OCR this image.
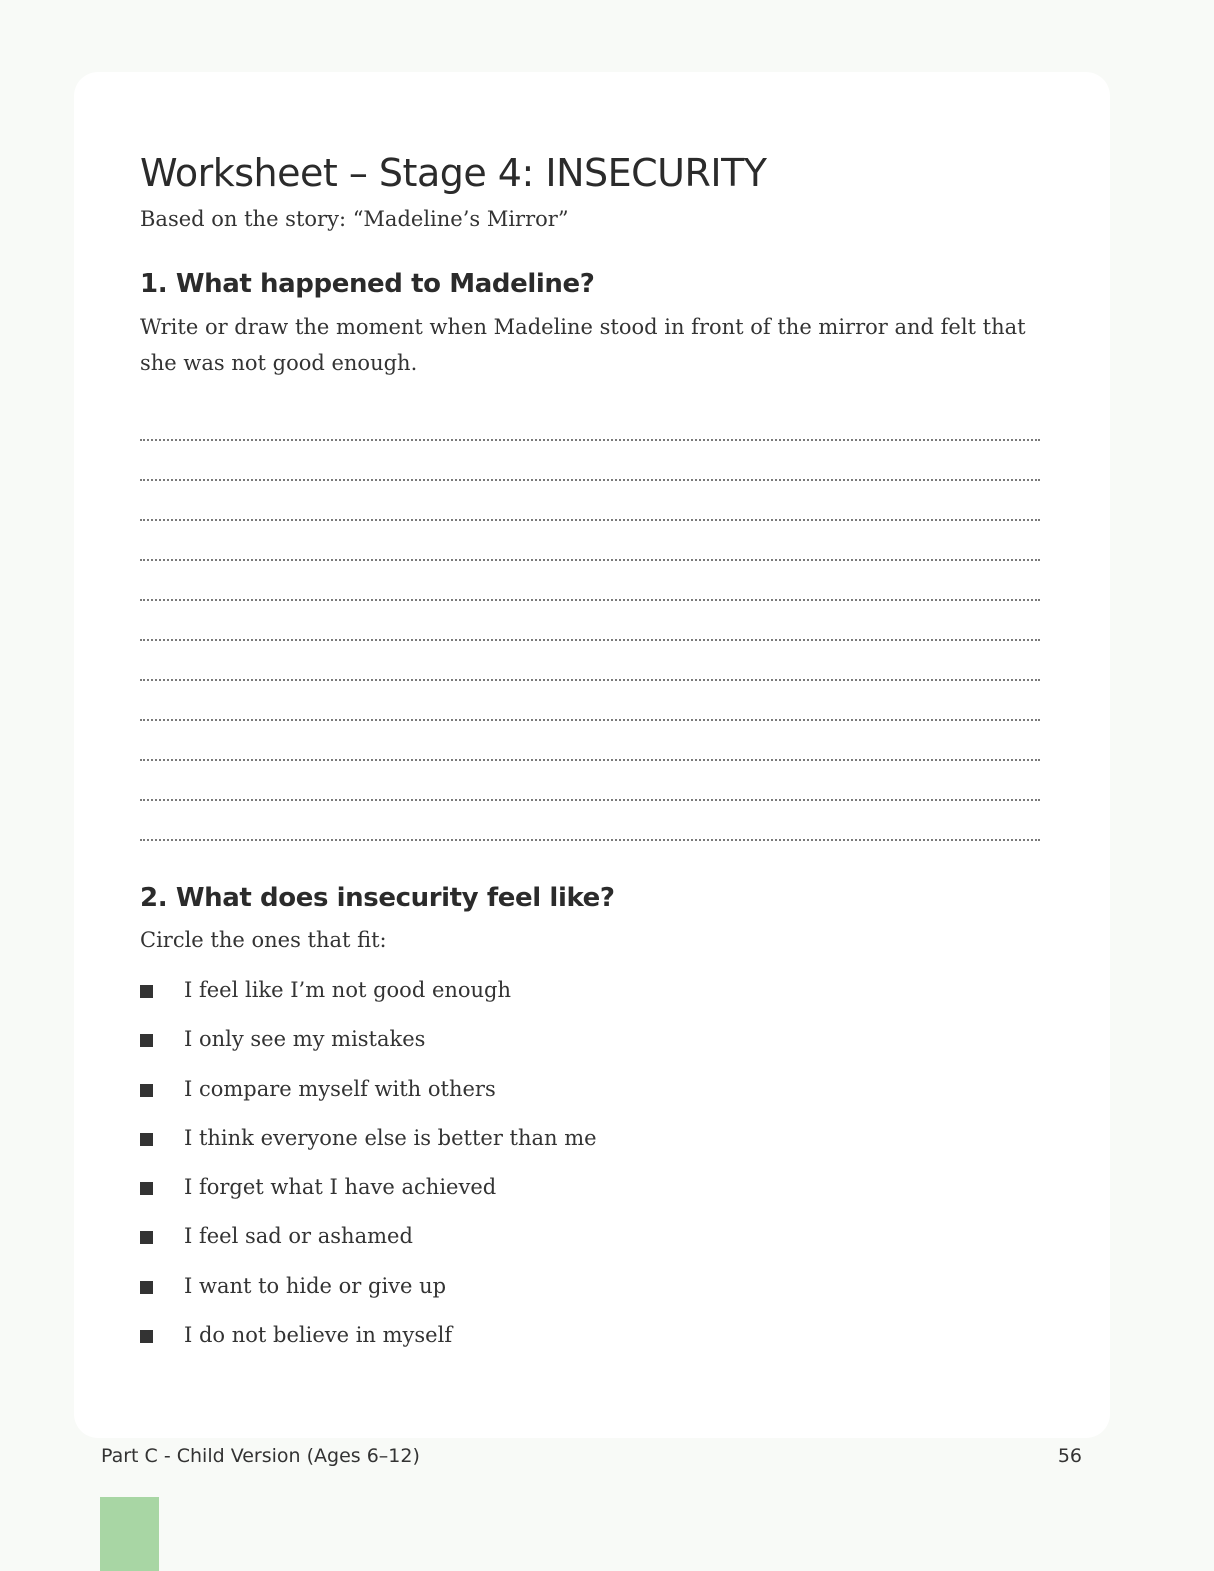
Worksheet – Stage 4: INSECURITY

Based on the story: “Madeline’s Mirror”

1. What happened to Madeline?

Write or draw the moment when Madeline stood in front of the mirror and felt that she was not good enough.

2. What does insecurity feel like?

Circle the ones that fit:

I feel like I’m not good enough
I only see my mistakes
I compare myself with others
I think everyone else is better than me
I forget what I have achieved
I feel sad or ashamed
I want to hide or give up
I do not believe in myself
Part C - Child Version (Ages 6–12)	56
